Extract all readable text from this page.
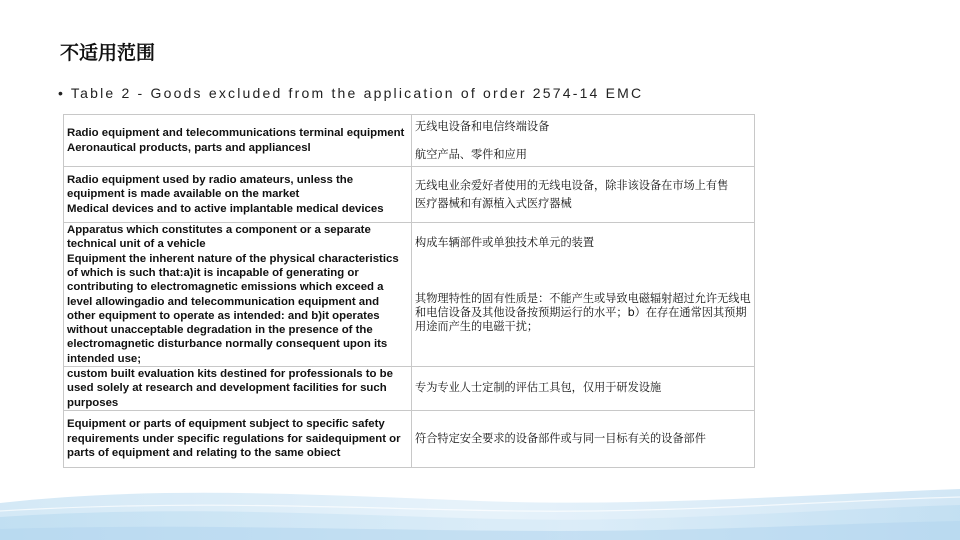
不适用范围
• Table 2 - Goods excluded from the application of order 2574-14 EMC
Radio equipment and telecommunications terminal equipment
Aeronautical products, parts and appliancesl	无线电设备和电信终端设备
航空产品、零件和应用

Radio equipment used by radio amateurs, unless the equipment is made available on the market
Medical devices and to active implantable medical devices	无线电业余爱好者使用的无线电设备，除非该设备在市场上有售
医疗器械和有源植入式医疗器械

Apparatus which constitutes a component or a separate technical unit of a vehicle
Equipment the inherent nature of the physical characteristics of which is such that:a)it is incapable of generating or contributing to electromagnetic emissions which exceed a level allowingadio and telecommunication equipment and other equipment to operate as intended: and b)it operates without unacceptable degradation in the presence of the electromagnetic disturbance normally consequent upon its intended use;	构成车辆部件或单独技术单元的装置
其物理特性的固有性质是：不能产生或导致电磁辐射超过允许无线电和电信设备及其他设备按预期运行的水平；b）在存在通常因其预期用途而产生的电磁干扰；

custom built evaluation kits destined for professionals to be used solely at research and development facilities for such purposes	专为专业人士定制的评估工具包，仅用于研发设施

Equipment or parts of equipment subject to specific safety requirements under specific regulations for saidequipment or parts of equipment and relating to the same obiect	符合特定安全要求的设备部件或与同一目标有关的设备部件
